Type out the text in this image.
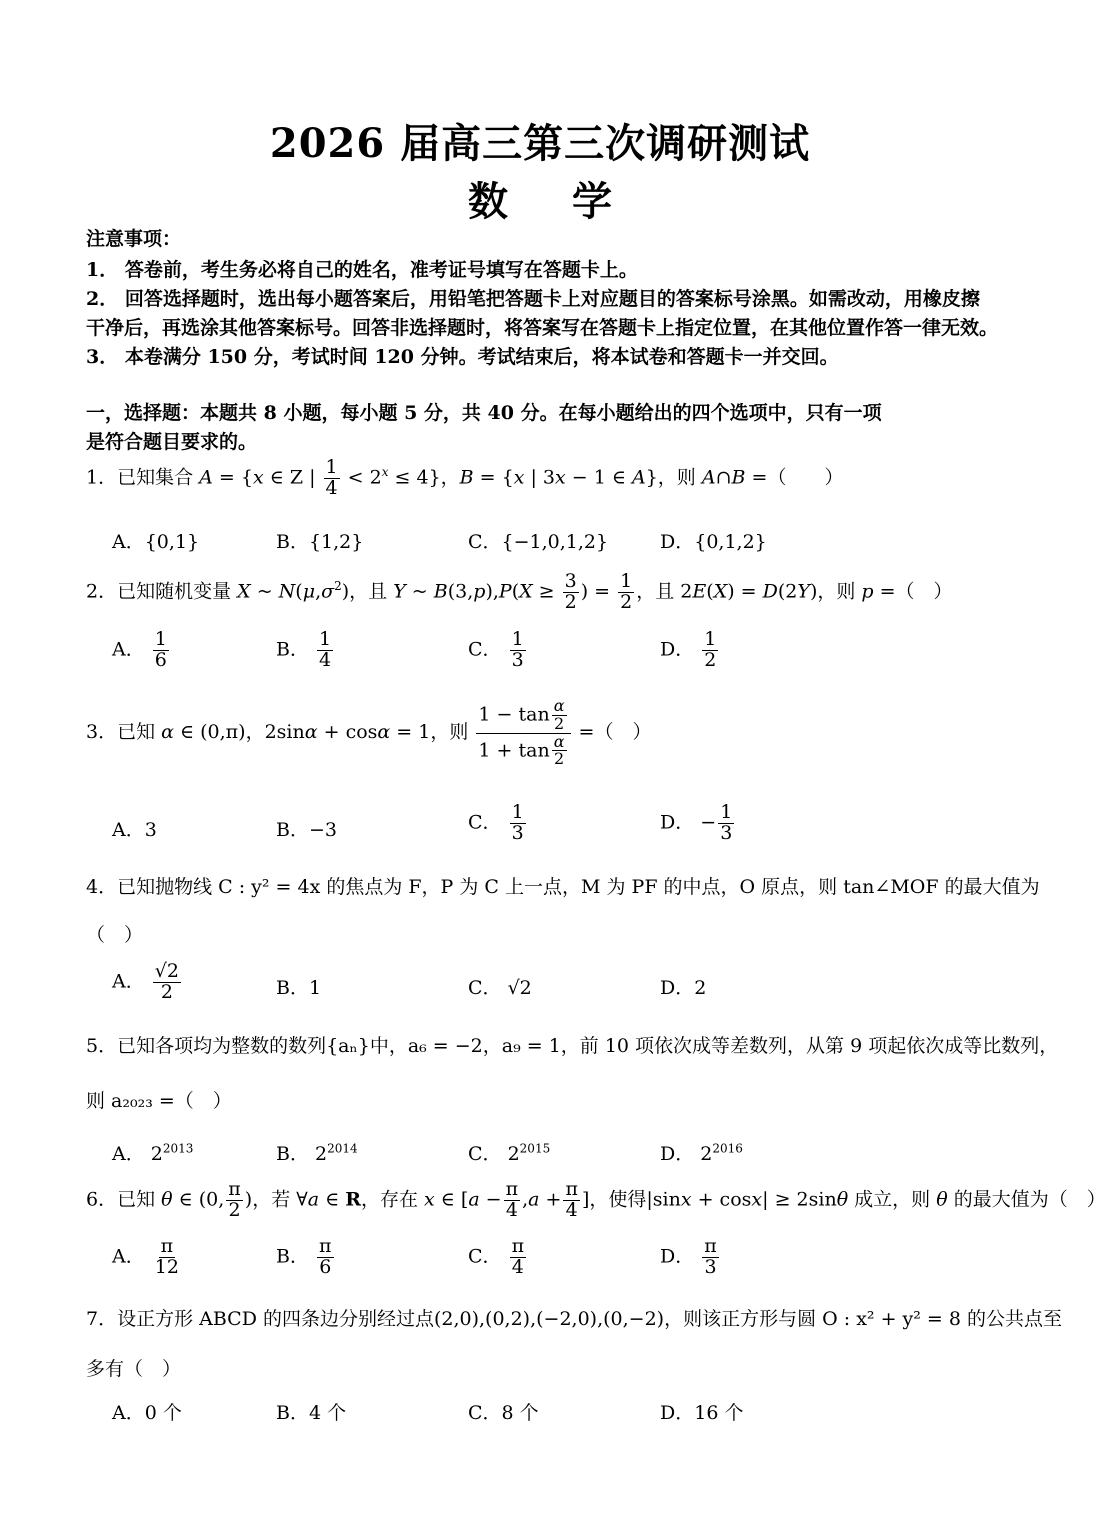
2026 届高三第三次调研测试
数学
注意事项：
1． 答卷前，考生务必将自己的姓名，准考证号填写在答题卡上。
2． 回答选择题时，选出每小题答案后，用铅笔把答题卡上对应题目的答案标号涂黑。如需改动，用橡皮擦
干净后，再选涂其他答案标号。回答非选择题时，将答案写在答题卡上指定位置，在其他位置作答一律无效。
3． 本卷满分 150 分，考试时间 120 分钟。考试结束后，将本试卷和答题卡一并交回。
一，选择题：本题共 8 小题，每小题 5 分，共 40 分。在每小题给出的四个选项中，只有一项
是符合题目要求的。
1．已知集合 A = {x ∈ Z | $\frac{1}{4} < 2^x \le 4$}，B = {x | 3x − 1 ∈ A}，则 A∩B =（　　）
A．{0,1}	B．{1,2}	C．{−1,0,1,2}	D．{0,1,2}
2．已知随机变量 X ~ $N(\mu,\sigma^2)$，且 Y ~ $B(3,p),P(X \ge \frac{3}{2}$ ) = $\frac{1}{2}$ ，且 2E(X) = D(2Y)，则 p =（　）
A． $\frac{1}{6}$	B． $\frac{1}{4}$	C． $\frac{1}{3}$	D． $\frac{1}{2}$
3．已知 α ∈ (0,π)，2sinα + cosα = 1，则 $\frac{1 - \tan \frac{\alpha}{2}}{1 + \tan \frac{\alpha}{2}}$ =（　）
A．3	B．−3	C． $\frac{1}{3}$	D． − $\frac{1}{3}$
4．已知抛物线 C : y² = 4x 的焦点为 F，P 为 C 上一点，M 为 PF 的中点，O 原点，则 tan∠MOF 的最大值为
（　）
A． $\frac{√2}{2}$	B．1	C． √2	D．2
5．已知各项均为整数的数列{aₙ}中，a₆ = −2，a₉ = 1，前 10 项依次成等差数列，从第 9 项起依次成等比数列，
则 a₂₀₂₃ =（　）
A． $2^{2013}$	B． $2^{2014}$	C． $2^{2015}$	D． $2^{2016}$
6．已知 θ ∈ (0, $\frac{\pi}{2}$ )，若 ∀a ∈ R，存在 x ∈ [$a - \frac{\pi}{4} ,a + \frac{\pi}{4}$ ]，使得|sinx + cosx| ≥ 2sinθ 成立，则 θ 的最大值为（　）
A． $\frac{\pi}{12}$	B． $\frac{\pi}{6}$	C． $\frac{\pi}{4}$	D． $\frac{\pi}{3}$
7．设正方形 ABCD 的四条边分别经过点(2,0),(0,2),(−2,0),(0,−2)，则该正方形与圆 O : x² + y² = 8 的公共点至
多有（　）
A．0 个	B．4 个	C．8 个	D．16 个
